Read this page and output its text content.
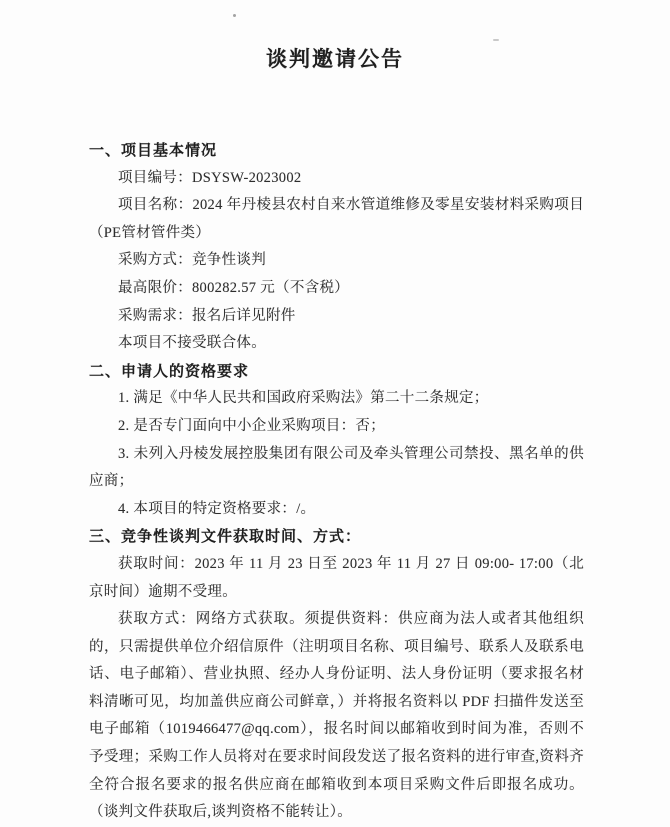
谈判邀请公告
一、项目基本情况

项目编号：DSYSW-2023002

项目名称：2024 年丹棱县农村自来水管道维修及零星安装材料采购项目（PE管材管件类）

采购方式：竞争性谈判

最高限价：800282.57 元（不含税）

采购需求：报名后详见附件

本项目不接受联合体。

二、申请人的资格要求

1. 满足《中华人民共和国政府采购法》第二十二条规定；

2. 是否专门面向中小企业采购项目：否；

3. 未列入丹棱发展控股集团有限公司及牵头管理公司禁投、黑名单的供应商；

4. 本项目的特定资格要求：/。

三、竞争性谈判文件获取时间、方式：

获取时间：2023 年 11 月 23 日至 2023 年 11 月 27 日 09:00- 17:00（北京时间）逾期不受理。

获取方式：网络方式获取。须提供资料：供应商为法人或者其他组织的，只需提供单位介绍信原件（注明项目名称、项目编号、联系人及联系电话、电子邮箱）、营业执照、经办人身份证明、法人身份证明（要求报名材料清晰可见，均加盖供应商公司鲜章，）并将报名资料以 PDF 扫描件发送至电子邮箱（1019466477@qq.com），报名时间以邮箱收到时间为准，否则不予受理；采购工作人员将对在要求时间段发送了报名资料的进行审查,资料齐全符合报名要求的报名供应商在邮箱收到本项目采购文件后即报名成功。（谈判文件获取后,谈判资格不能转让）。
